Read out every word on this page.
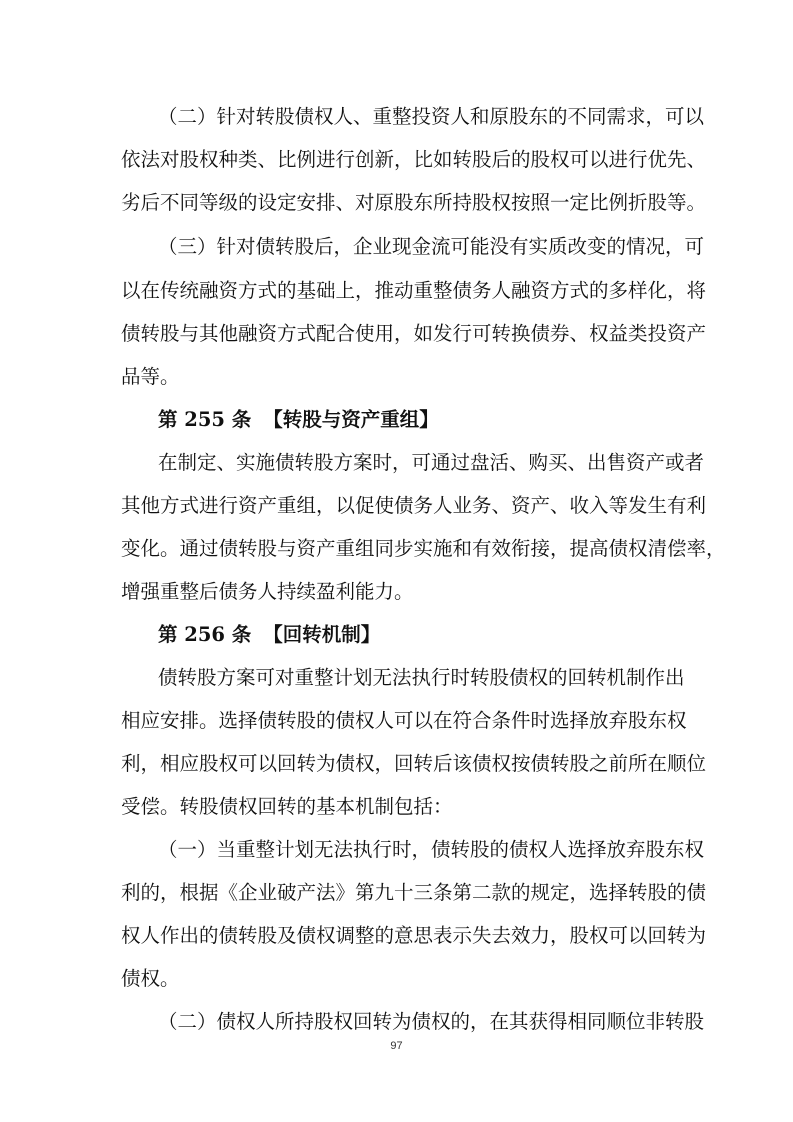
（二）针对转股债权人、重整投资人和原股东的不同需求，可以
依法对股权种类、比例进行创新，比如转股后的股权可以进行优先、
劣后不同等级的设定安排、对原股东所持股权按照一定比例折股等。
（三）针对债转股后，企业现金流可能没有实质改变的情况，可
以在传统融资方式的基础上，推动重整债务人融资方式的多样化，将
债转股与其他融资方式配合使用，如发行可转换债券、权益类投资产
品等。
第 255 条 【转股与资产重组】
在制定、实施债转股方案时，可通过盘活、购买、出售资产或者
其他方式进行资产重组，以促使债务人业务、资产、收入等发生有利
变化。通过债转股与资产重组同步实施和有效衔接，提高债权清偿率，
增强重整后债务人持续盈利能力。
第 256 条 【回转机制】
债转股方案可对重整计划无法执行时转股债权的回转机制作出
相应安排。选择债转股的债权人可以在符合条件时选择放弃股东权
利，相应股权可以回转为债权，回转后该债权按债转股之前所在顺位
受偿。转股债权回转的基本机制包括：
（一）当重整计划无法执行时，债转股的债权人选择放弃股东权
利的，根据《企业破产法》第九十三条第二款的规定，选择转股的债
权人作出的债转股及债权调整的意思表示失去效力，股权可以回转为
债权。
（二）债权人所持股权回转为债权的，在其获得相同顺位非转股
97
